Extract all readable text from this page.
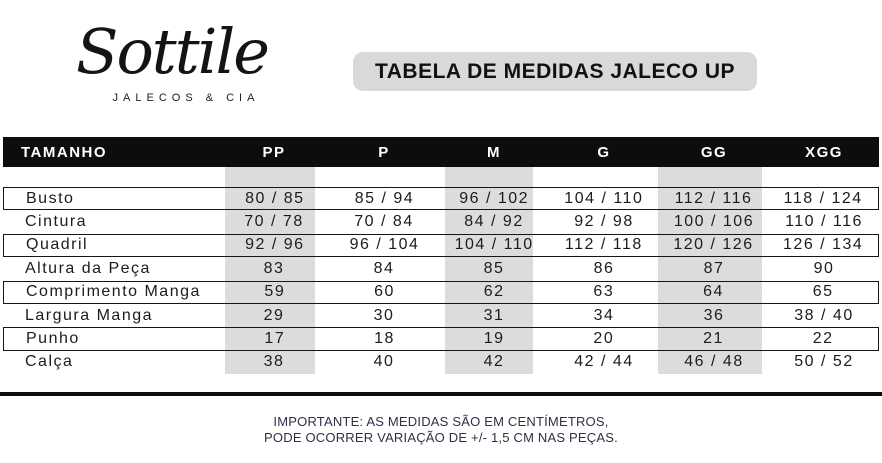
Sottile
JALECOS & CIA
TABELA DE MEDIDAS JALECO UP
TAMANHO	PP	P	M	G	GG	XGG
Busto	80 / 85	85 / 94	96 / 102	104 / 110	112 / 116	118 / 124
Cintura	70 / 78	70 / 84	84 / 92	92 / 98	100 / 106	110 / 116
Quadril	92 / 96	96 / 104	104 / 110	112 / 118	120 / 126	126 / 134
Altura da Peça	83	84	85	86	87	90
Comprimento Manga	59	60	62	63	64	65
Largura Manga	29	30	31	34	36	38 / 40
Punho	17	18	19	20	21	22
Calça	38	40	42	42 / 44	46 / 48	50 / 52
IMPORTANTE: AS MEDIDAS SÃO EM CENTÍMETROS,
PODE OCORRER VARIAÇÃO DE +/- 1,5 CM NAS PEÇAS.
